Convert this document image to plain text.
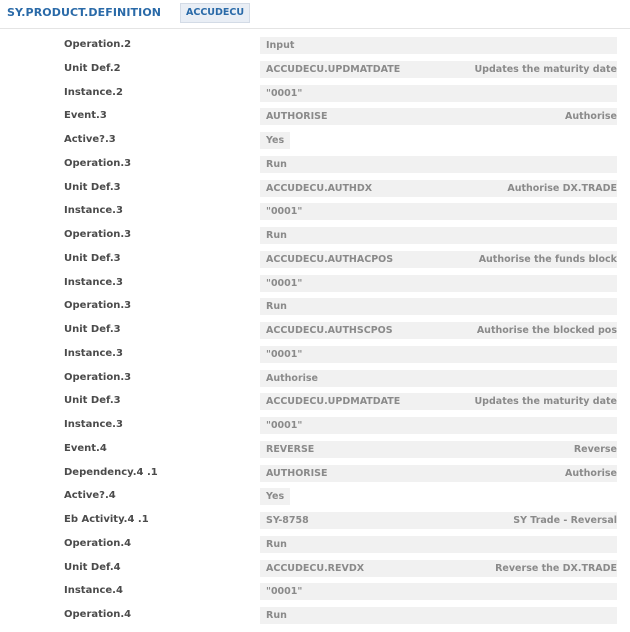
SY.PRODUCT.DEFINITION	ACCUDECU
Operation.2	Input
Unit Def.2	ACCUDECU.UPDMATDATE	Updates the maturity date
Instance.2	"0001"
Event.3	AUTHORISE	Authorise
Active?.3	Yes
Operation.3	Run
Unit Def.3	ACCUDECU.AUTHDX	Authorise DX.TRADE
Instance.3	"0001"
Operation.3	Run
Unit Def.3	ACCUDECU.AUTHACPOS	Authorise the funds block
Instance.3	"0001"
Operation.3	Run
Unit Def.3	ACCUDECU.AUTHSCPOS	Authorise the blocked pos
Instance.3	"0001"
Operation.3	Authorise
Unit Def.3	ACCUDECU.UPDMATDATE	Updates the maturity date
Instance.3	"0001"
Event.4	REVERSE	Reverse
Dependency.4 .1	AUTHORISE	Authorise
Active?.4	Yes
Eb Activity.4 .1	SY-8758	SY Trade - Reversal
Operation.4	Run
Unit Def.4	ACCUDECU.REVDX	Reverse the DX.TRADE
Instance.4	"0001"
Operation.4	Run
